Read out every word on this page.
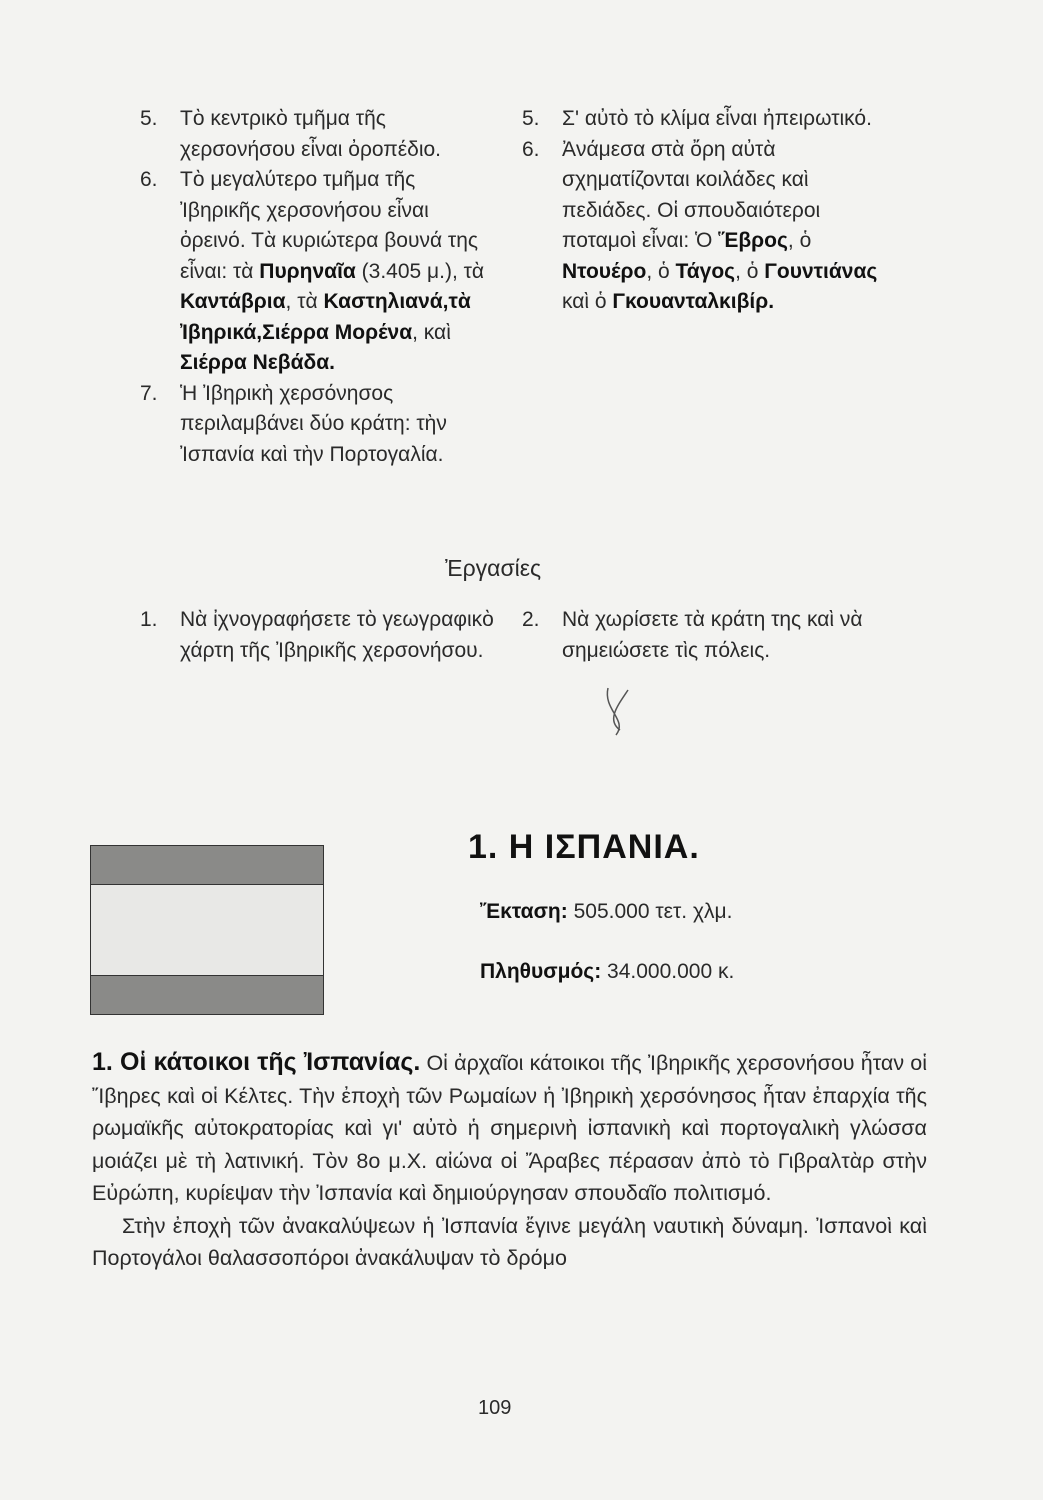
5.	Τὸ κεντρικὸ τμῆμα τῆς χερσονήσου εἶναι ὀροπέδιο.
6.	Τὸ μεγαλύτερο τμῆμα τῆς Ἰβηρικῆς χερσονήσου εἶναι ὀρεινό. Τὰ κυριώτερα βουνά της εἶναι: τὰ Πυρηναῖα (3.405 μ.), τὰ Καντάβρια, τὰ Καστηλιανά,τὰ Ἰβηρικά,Σιέρρα Μορένα, καὶ Σιέρρα Νεβάδα.
7.	Ἡ Ἰβηρικὴ χερσόνησος περιλαμβάνει δύο κράτη: τὴν Ἰσπανία καὶ τὴν Πορτογαλία.
5.	Σ' αὐτὸ τὸ κλίμα εἶναι ἠπειρωτικό.
6.	Ἀνάμεσα στὰ ὄρη αὐτὰ σχηματίζονται κοιλάδες καὶ πεδιάδες. Οἱ σπουδαιότεροι ποταμοὶ εἶναι: Ὁ Ἕβρος, ὁ Ντουέρο, ὁ Τάγος, ὁ Γουντιάνας καὶ ὁ Γκουανταλκιβίρ.
Ἐργασίες
1.	Νὰ ἰχνογραφήσετε τὸ γεωγραφικὸ χάρτη τῆς Ἰβηρικῆς χερσονήσου.
2.	Νὰ χωρίσετε τὰ κράτη της καὶ νὰ σημειώσετε τὶς πόλεις.
1. Η ΙΣΠΑΝΙΑ.
Ἔκταση: 505.000 τετ. χλμ.
Πληθυσμός: 34.000.000 κ.

1. Οἱ κάτοικοι τῆς Ἰσπανίας. Οἱ ἀρχαῖοι κάτοικοι τῆς Ἰβηρικῆς χερσονήσου ἦταν οἱ Ἴβηρες καὶ οἱ Κέλτες. Τὴν ἐποχὴ τῶν Ρωμαίων ἡ Ἰβηρικὴ χερσόνησος ἦταν ἐπαρχία τῆς ρωμαϊκῆς αὐτοκρατορίας καὶ γι' αὐτὸ ἡ σημερινὴ ἰσπανικὴ καὶ πορτογαλικὴ γλώσσα μοιάζει μὲ τὴ λατινική. Τὸν 8ο μ.Χ. αἰώνα οἱ Ἄραβες πέρασαν ἀπὸ τὸ Γιβραλτὰρ στὴν Εὐρώπη, κυρίεψαν τὴν Ἰσπανία καὶ δημιούργησαν σπουδαῖο πολιτισμό.

Στὴν ἐποχὴ τῶν ἀνακαλύψεων ἡ Ἰσπανία ἔγινε μεγάλη ναυτικὴ δύναμη. Ἰσπανοὶ καὶ Πορτογάλοι θαλασσοπόροι ἀνακάλυψαν τὸ δρόμο

109
